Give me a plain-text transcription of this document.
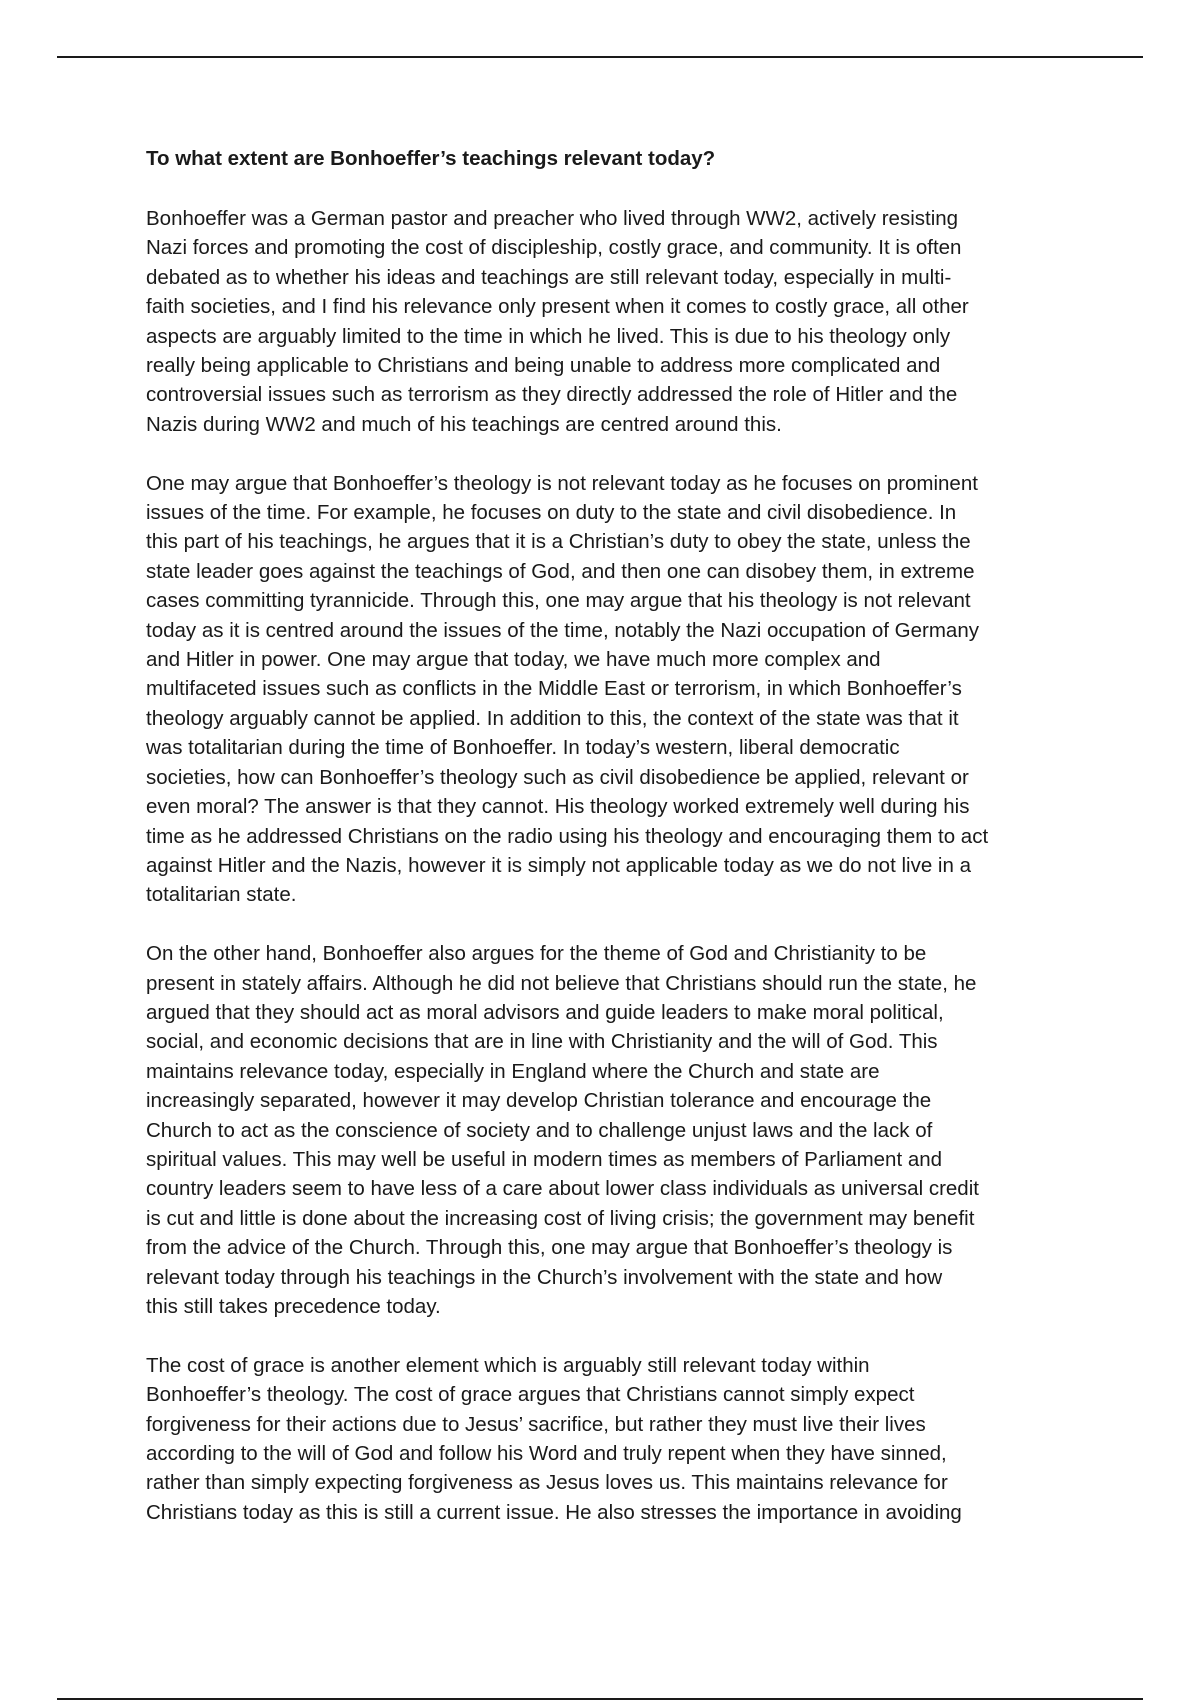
To what extent are Bonhoeffer’s teachings relevant today?
Bonhoeffer was a German pastor and preacher who lived through WW2, actively resisting
Nazi forces and promoting the cost of discipleship, costly grace, and community. It is often
debated as to whether his ideas and teachings are still relevant today, especially in multi-
faith societies, and I find his relevance only present when it comes to costly grace, all other
aspects are arguably limited to the time in which he lived. This is due to his theology only
really being applicable to Christians and being unable to address more complicated and
controversial issues such as terrorism as they directly addressed the role of Hitler and the
Nazis during WW2 and much of his teachings are centred around this.
One may argue that Bonhoeffer’s theology is not relevant today as he focuses on prominent
issues of the time. For example, he focuses on duty to the state and civil disobedience. In
this part of his teachings, he argues that it is a Christian’s duty to obey the state, unless the
state leader goes against the teachings of God, and then one can disobey them, in extreme
cases committing tyrannicide. Through this, one may argue that his theology is not relevant
today as it is centred around the issues of the time, notably the Nazi occupation of Germany
and Hitler in power. One may argue that today, we have much more complex and
multifaceted issues such as conflicts in the Middle East or terrorism, in which Bonhoeffer’s
theology arguably cannot be applied. In addition to this, the context of the state was that it
was totalitarian during the time of Bonhoeffer. In today’s western, liberal democratic
societies, how can Bonhoeffer’s theology such as civil disobedience be applied, relevant or
even moral? The answer is that they cannot. His theology worked extremely well during his
time as he addressed Christians on the radio using his theology and encouraging them to act
against Hitler and the Nazis, however it is simply not applicable today as we do not live in a
totalitarian state.
On the other hand, Bonhoeffer also argues for the theme of God and Christianity to be
present in stately affairs. Although he did not believe that Christians should run the state, he
argued that they should act as moral advisors and guide leaders to make moral political,
social, and economic decisions that are in line with Christianity and the will of God. This
maintains relevance today, especially in England where the Church and state are
increasingly separated, however it may develop Christian tolerance and encourage the
Church to act as the conscience of society and to challenge unjust laws and the lack of
spiritual values. This may well be useful in modern times as members of Parliament and
country leaders seem to have less of a care about lower class individuals as universal credit
is cut and little is done about the increasing cost of living crisis; the government may benefit
from the advice of the Church. Through this, one may argue that Bonhoeffer’s theology is
relevant today through his teachings in the Church’s involvement with the state and how
this still takes precedence today.
The cost of grace is another element which is arguably still relevant today within
Bonhoeffer’s theology. The cost of grace argues that Christians cannot simply expect
forgiveness for their actions due to Jesus’ sacrifice, but rather they must live their lives
according to the will of God and follow his Word and truly repent when they have sinned,
rather than simply expecting forgiveness as Jesus loves us. This maintains relevance for
Christians today as this is still a current issue. He also stresses the importance in avoiding
